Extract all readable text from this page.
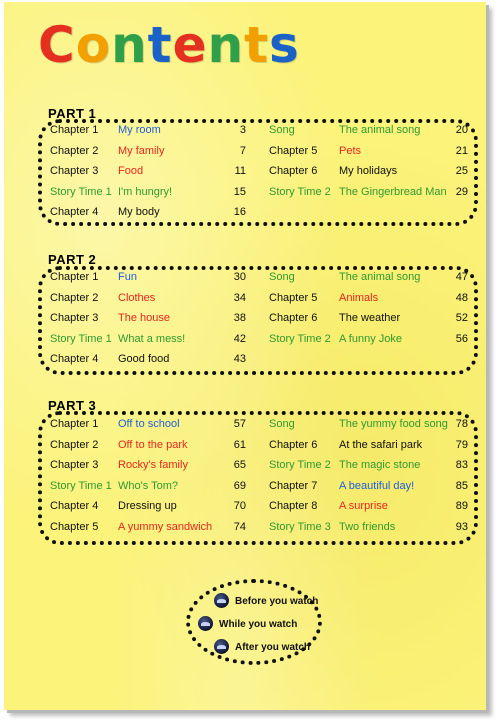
Contents
PART 1
Chapter 1 My room	3
Chapter 2 My family	7
Chapter 3 Food	11
Story Time 1 I'm hungry!	15
Chapter 4 My body	16
Song	The animal song	20
Chapter 5 Pets	21
Chapter 6 My holidays	25
Story Time 2 The Gingerbread Man 29
PART 2
Chapter 1 Fun	30
Chapter 2 Clothes	34
Chapter 3 The house	38
Story Time 1 What a mess!	42
Chapter 4 Good food	43
Song	The animal song	47
Chapter 5 Animals	48
Chapter 6 The weather	52
Story Time 2 A funny Joke	56
PART 3
Chapter 1 Off to school	57
Chapter 2 Off to the park	61
Chapter 3 Rocky's family	65
Story Time 1 Who's Tom?	69
Chapter 4 Dressing up	70
Chapter 5 A yummy sandwich	74
Song	The yummy food song 78
Chapter 6 At the safari park	79
Story Time 2 The magic stone	83
Chapter 7 A beautiful day!	85
Chapter 8 A surprise	89
Story Time 3 Two friends	93
Before you watch
While you watch
After you watch
